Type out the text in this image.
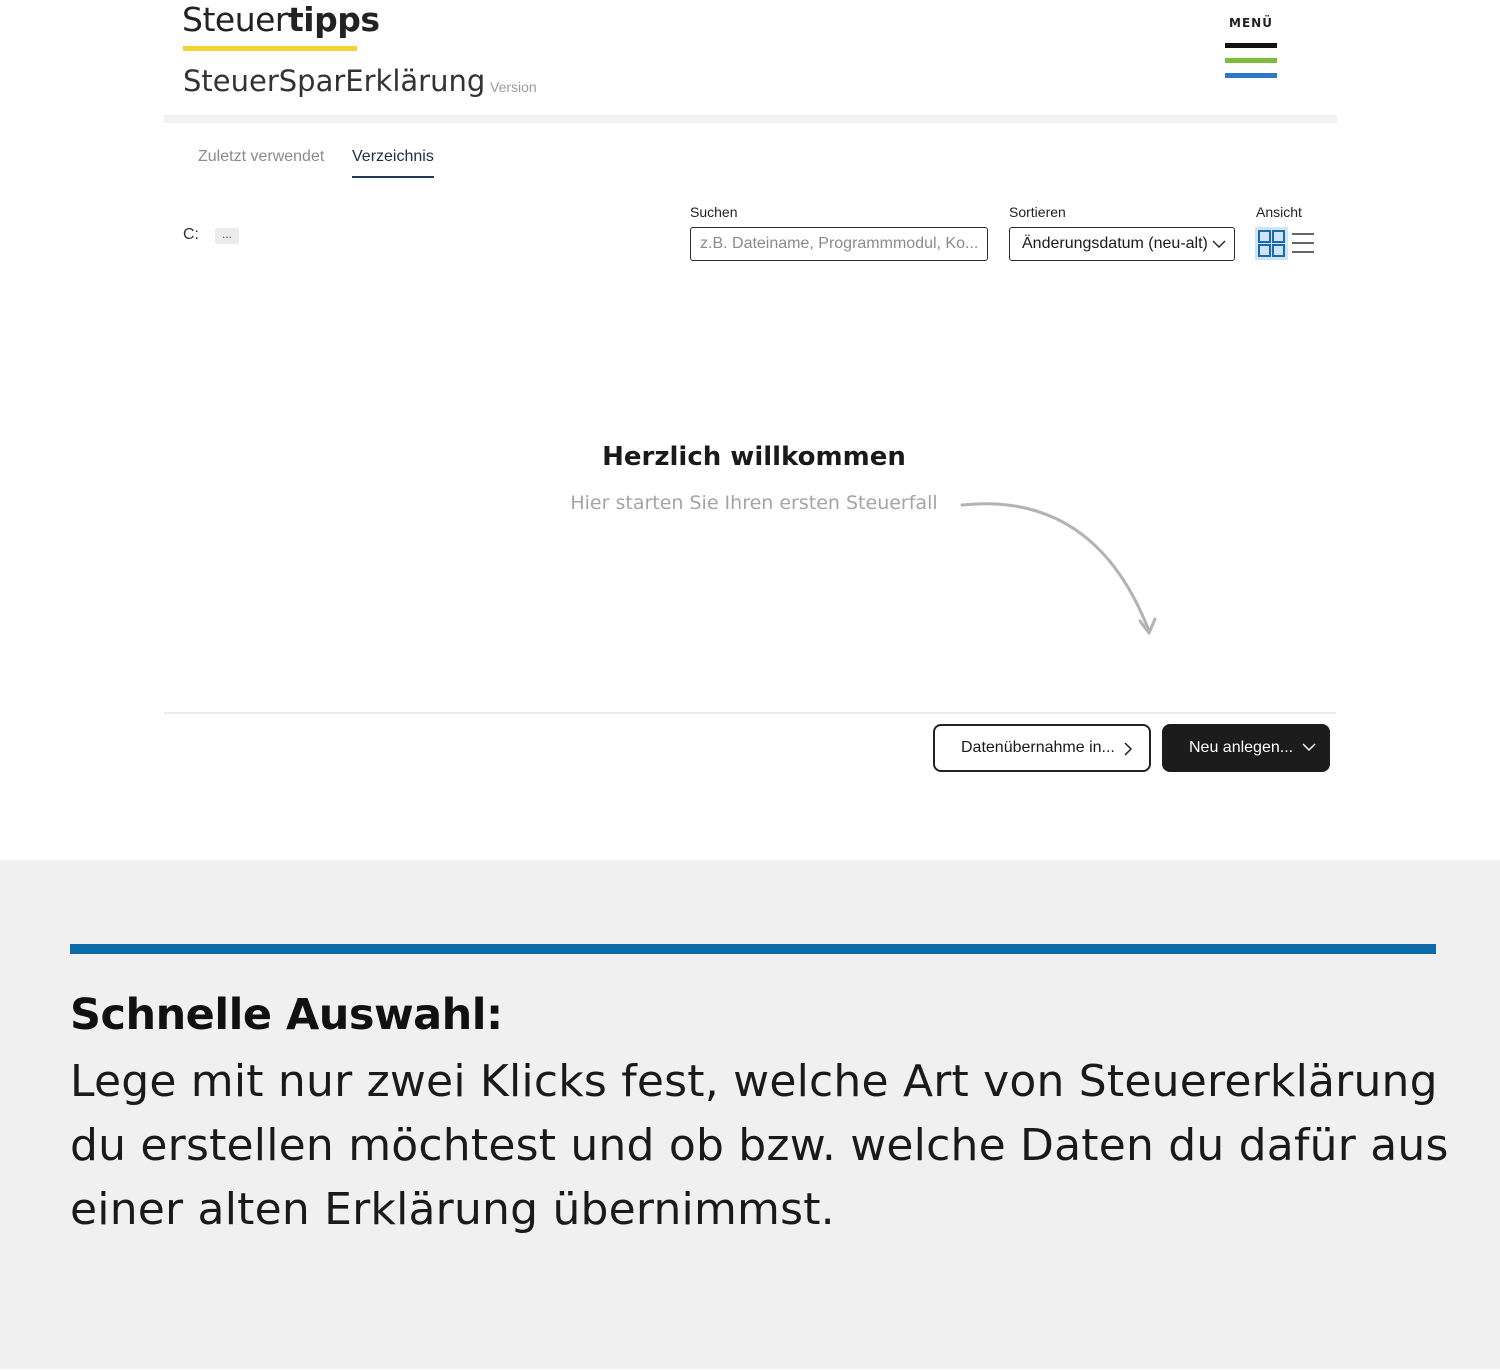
Steuertipps
SteuerSparErklärung Version
MENÜ
Zuletzt verwendet Verzeichnis
C:	...
Suchen
z.B. Dateiname, Programmmodul, Ko...	Sortieren
Änderungsdatum (neu-alt)
Ansicht
Herzlich willkommen
Hier starten Sie Ihren ersten Steuerfall
Datenübernahme in...	Neu anlegen...
Schnelle Auswahl:
Lege mit nur zwei Klicks fest, welche Art von Steuererklärung du erstellen möchtest und ob bzw. welche Daten du dafür aus einer alten Erklärung übernimmst.
